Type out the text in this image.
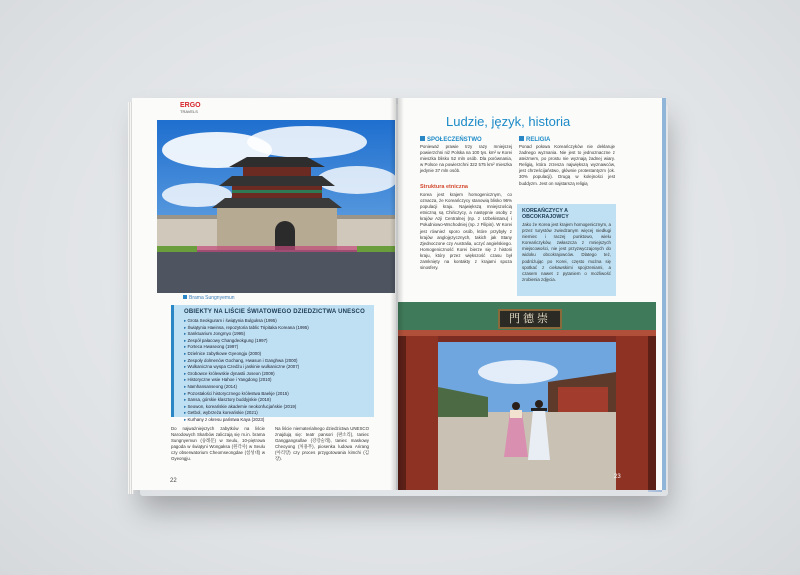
ERGO
TRAVELS
Brama Sungnyemun
OBIEKTY NA LIŚCIE ŚWIATOWEGO DZIEDZICTWA UNESCO
▸ Grota Seokguram i świątynia Bulguksa (1995)
▸ Świątynia Haeinsa, repozytoria tablic Tripitaka Koreana (1995)
▸ Sanktuarium Jongmyo (1995)
▸ Zespół pałacowy Changdeokgung (1997)
▸ Forteca Hwaseong (1997)
▸ Dzielnice zabytkowe Gyeongju (2000)
▸ Zespoły dolmenów Gochang, Hwasun i Ganghwa (2000)
▸ Wulkaniczna wyspa Czedżu i jaskinie wulkaniczne (2007)
▸ Grobowce królewskie dynastii Joseon (2009)
▸ Historyczne wsie Hahoe i Yangdong (2010)
▸ Namhansanseong (2014)
▸ Pozostałości historycznego królestwa Baekje (2015)
▸ Sansa, górskie klasztory buddyjskie (2018)
▸ Seowon, koreańskie akademie neokonfucjańskie (2019)
▸ Getbol, wybrzeża koreańskie (2021)
▸ Kurhany z okresu państwa Kaya (2023)
Do najważniejszych zabytków na liście Narodowych Skarbów zaliczają się m.in. brama Sungnyemun (숭례문) w Seulu, 10-piętrowa pagoda w świątyni Wongaksa (원각사) w Seulu czy obserwatorium Cheomseongdae (첨성대) w Gyeongju.
Na liście niematerialnego dziedzictwa UNESCO znajdują się: teatr pansori (판소리), taniec Ganggangsullae (강강술래), taniec maskowy Cheoyong (처용무), piosenka ludowa Arirang (아리랑) czy proces przygotowania kimchi (김장).
22
Ludzie, język, historia
SPOŁECZEŃSTWO
Ponieważ prawie trzy razy mniejszej powierzchni niż Polska na 100 tys. km² w Korei mieszka blisko 52 mln osób. Dla porównania, w Polsce na powierzchni 322 575 km² mieszka jedynie 37 mln osób.
Struktura etniczna
Korea jest krajem homogenicznym, co oznacza, że Koreańczycy stanowią blisko 96% populacji kraju. Największą mniejszością etniczną są Chińczycy, a następnie osoby z krajów Azji Centralnej (np. z Uzbekistanu) i Południowo-Wschodniej (np. z Filipin). W Korei jest również sporo osób, które przybyły z krajów anglojęzycznych, takich jak Stany Zjednoczone czy Australia, uczyć angielskiego. Homogeniczność Korei bierze się z historii kraju, który przez większość czasu był zamknięty na kontakty z krajami spoza sinosfery.
RELIGIA
Ponad połowa Koreańczyków nie deklaruje żadnego wyznania. Nie jest to jednoznaczne z ateizmem, po prostu nie wyznają żadnej wiary. Religią, która zrzesza największą wyznawców, jest chrześcijaństwo, głównie protestantyzm (ok. 30% populacji). Drugą w kolejności jest buddyzm. Jest on najstarszą religią
KOREAŃCZYCY A OBCOKRAJOWCY
Jako że Korea jest krajem homogenicznym, a przez turystów zwiedzanym więcej niedługi niemiec i raczej punktowo, wielu Koreańczyków, zwłaszcza z mniejszych miejscowości, nie jest przyzwyczajonych do widoku obcokrajowców. Dlatego też, podróżując po Korei, często można się spotkać z ciekawskimi spojrzeniami, a czasem nawet z pytaniem o możliwość zrobienia zdjęcia.
門德崇
23
